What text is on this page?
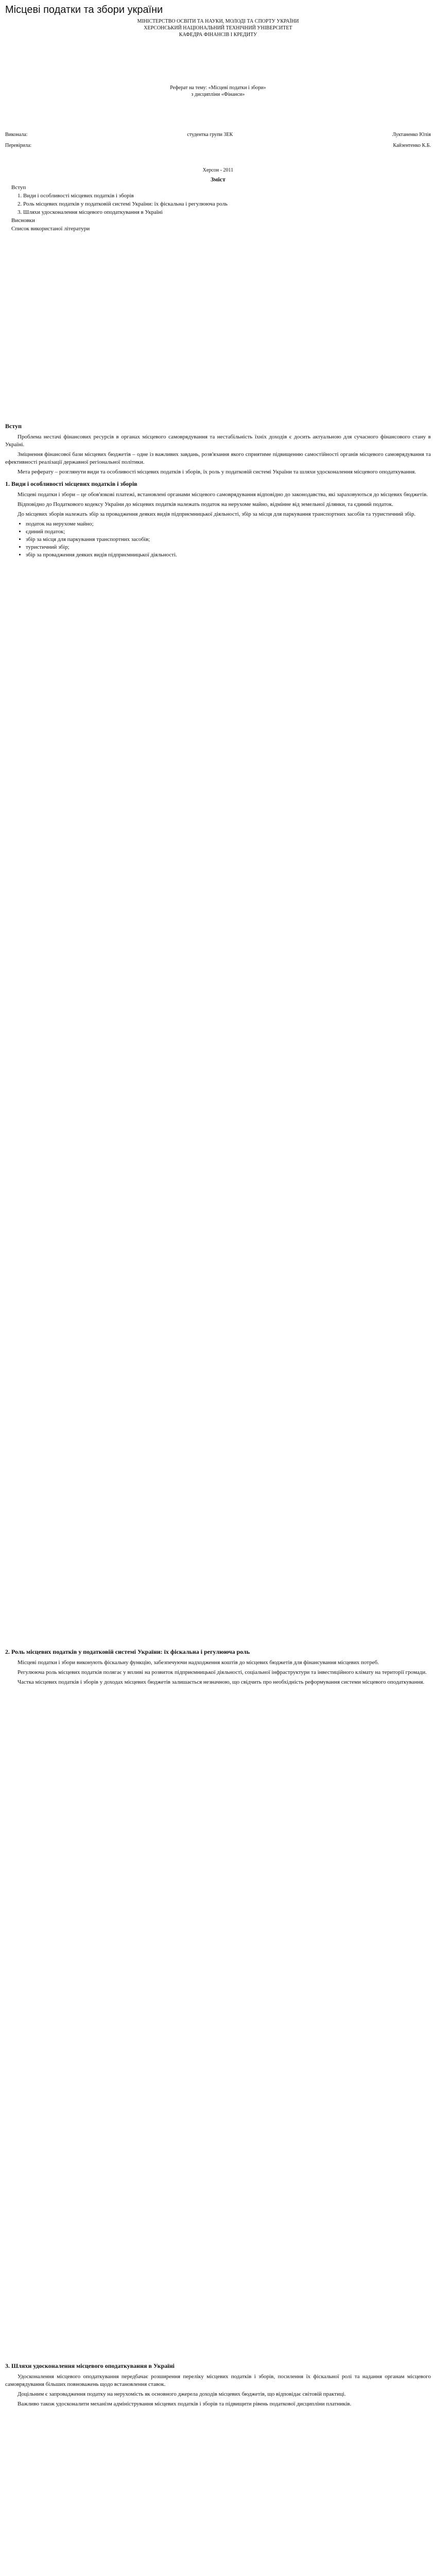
Місцеві податки та збори україни
МІНІСТЕРСТВО ОСВІТИ ТА НАУКИ, МОЛОДІ ТА СПОРТУ УКРАЇНИ
ХЕРСОНСЬКИЙ НАЦІОНАЛЬНИЙ ТЕХНІЧНИЙ УНІВЕРСИТЕТ
КАФЕДРА ФІНАНСІВ І КРЕДИТУ
Реферат на тему: «Місцеві податки і збори»
з дисципліни «Фінанси»
Виконала:	студентка групи 3ЕК	Луктаненко Юлія
Перевірила:	Кайзентенко К.Б.
Херсон - 2011
Зміст
Вступ
1. Види і особливості місцевих податків і зборів
2. Роль місцевих податків у податковій системі України: їх фіскальна і регулююча роль
3. Шляхи удосконалення місцевого оподаткування в Україні
Висновки
Список використаної літератури
Вступ

Проблема нестачі фінансових ресурсів в органах місцевого самоврядування та нестабільність їхніх доходів є досить актуальною для сучасного фінансового стану в Україні.

Зміцнення фінансової бази місцевих бюджетів – одне із важливих завдань, розв'язання якого сприятиме підвищенню самостійності органів місцевого самоврядування та ефективності реалізації державної регіональної політики.

Мета реферату – розглянути види та особливості місцевих податків і зборів, їх роль у податковій системі України та шляхи удосконалення місцевого оподаткування.

1. Види і особливості місцевих податків і зборів

Місцеві податки і збори – це обов'язкові платежі, встановлені органами місцевого самоврядування відповідно до законодавства, які зараховуються до місцевих бюджетів.

Відповідно до Податкового кодексу України до місцевих податків належать податок на нерухоме майно, відмінне від земельної ділянки, та єдиний податок.

До місцевих зборів належать збір за провадження деяких видів підприємницької діяльності, збір за місця для паркування транспортних засобів та туристичний збір.

• податок на нерухоме майно;
• єдиний податок;
• збір за місця для паркування транспортних засобів;
• туристичний збір;
• збір за провадження деяких видів підприємницької діяльності.
2. Роль місцевих податків у податковій системі України: їх фіскальна і регулююча роль

Місцеві податки і збори виконують фіскальну функцію, забезпечуючи надходження коштів до місцевих бюджетів для фінансування місцевих потреб.

Регулююча роль місцевих податків полягає у впливі на розвиток підприємницької діяльності, соціальної інфраструктури та інвестиційного клімату на території громади.

Частка місцевих податків і зборів у доходах місцевих бюджетів залишається незначною, що свідчить про необхідність реформування системи місцевого оподаткування.

3. Шляхи удосконалення місцевого оподаткування в Україні

Удосконалення місцевого оподаткування передбачає розширення переліку місцевих податків і зборів, посилення їх фіскальної ролі та надання органам місцевого самоврядування більших повноважень щодо встановлення ставок.

Доцільним є запровадження податку на нерухомість як основного джерела доходів місцевих бюджетів, що відповідає світовій практиці.

Важливо також удосконалити механізм адміністрування місцевих податків і зборів та підвищити рівень податкової дисципліни платників.
